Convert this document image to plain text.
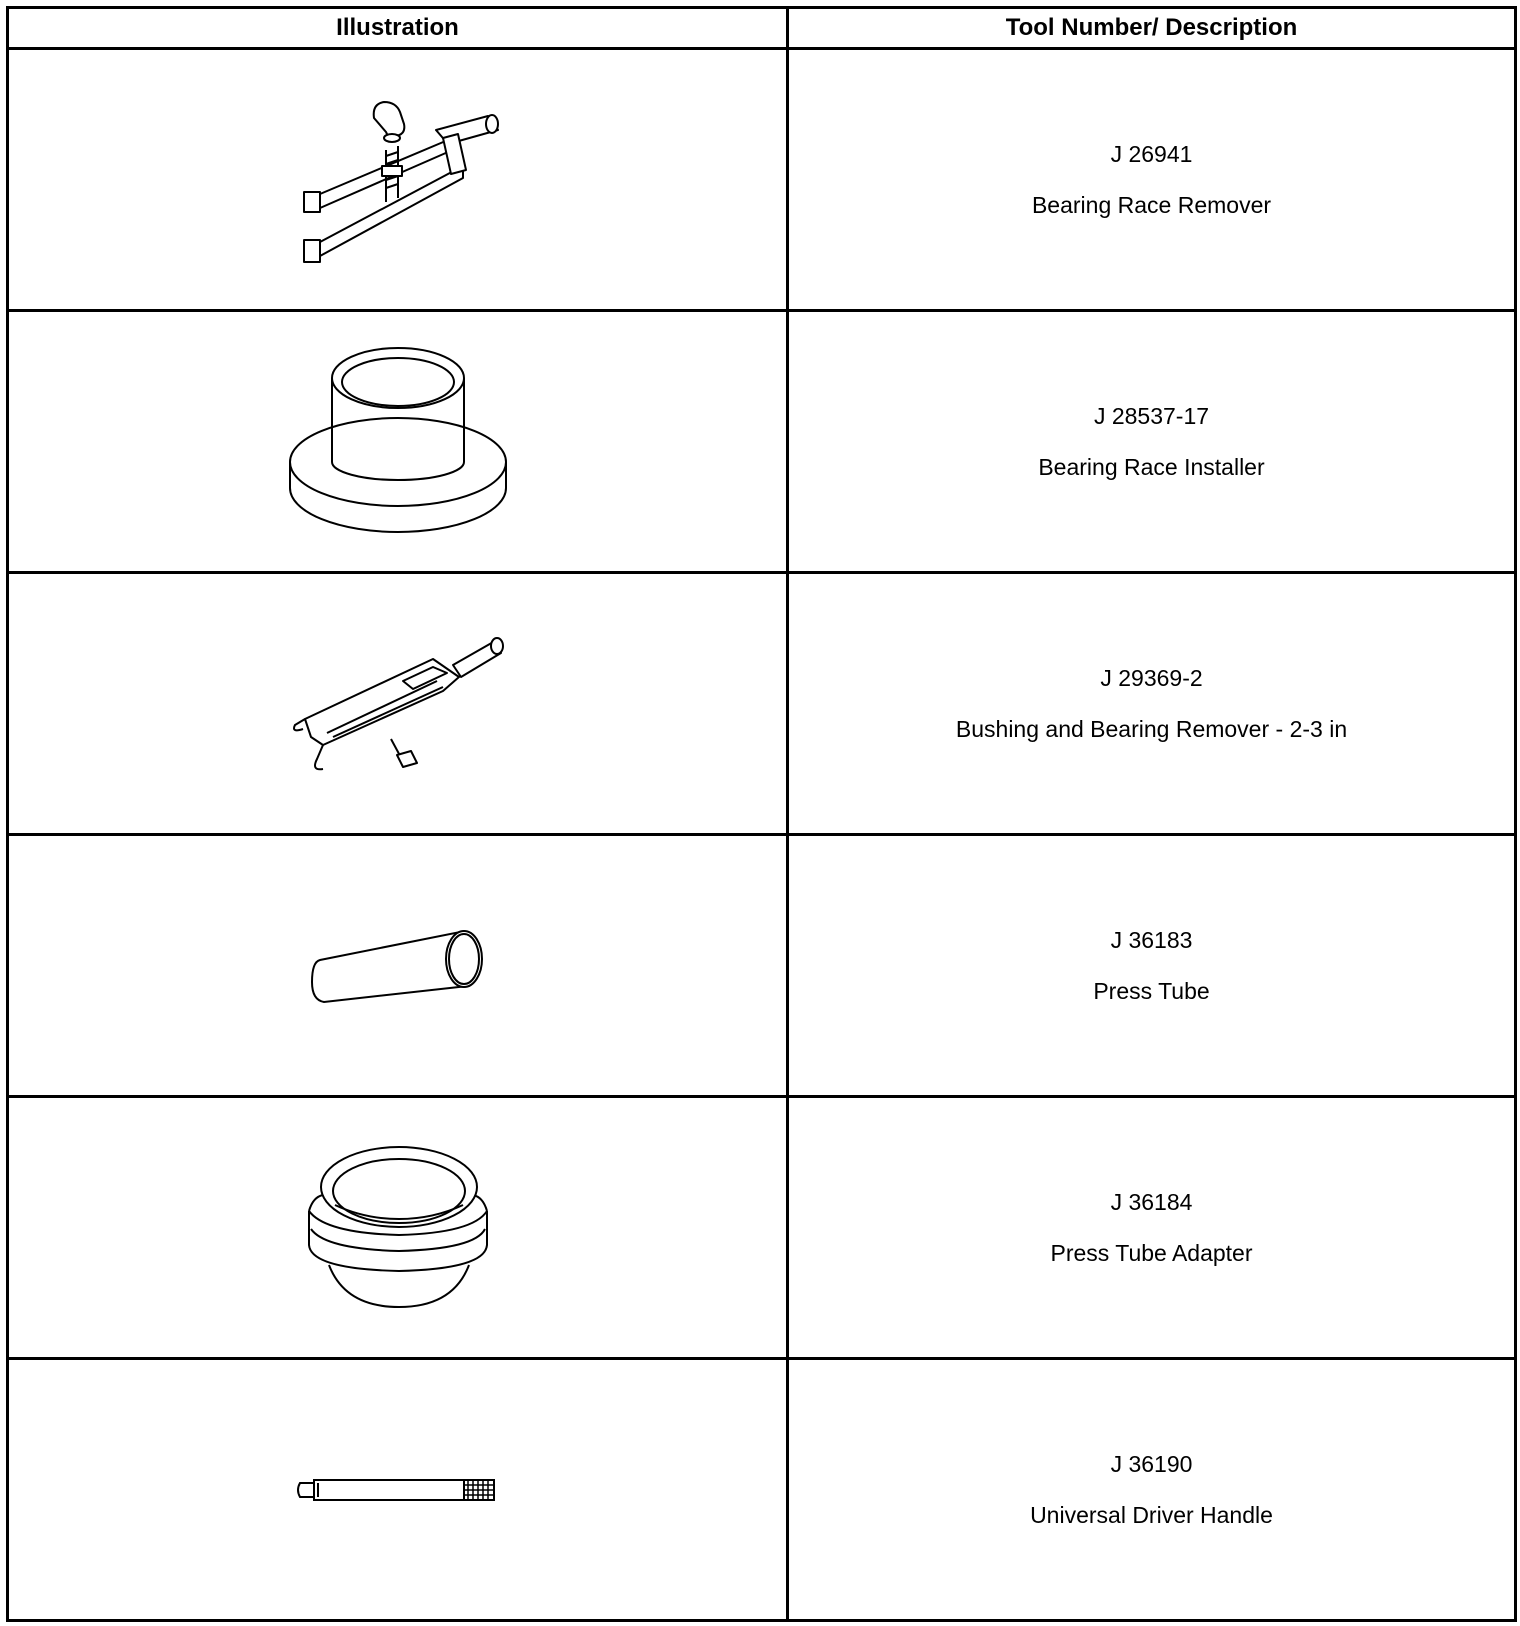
Illustration	Tool Number/ Description

J 26941
Bearing Race Remover

J 28537-17
Bearing Race Installer

J 29369-2
Bushing and Bearing Remover - 2-3 in

J 36183
Press Tube

J 36184
Press Tube Adapter

J 36190
Universal Driver Handle
